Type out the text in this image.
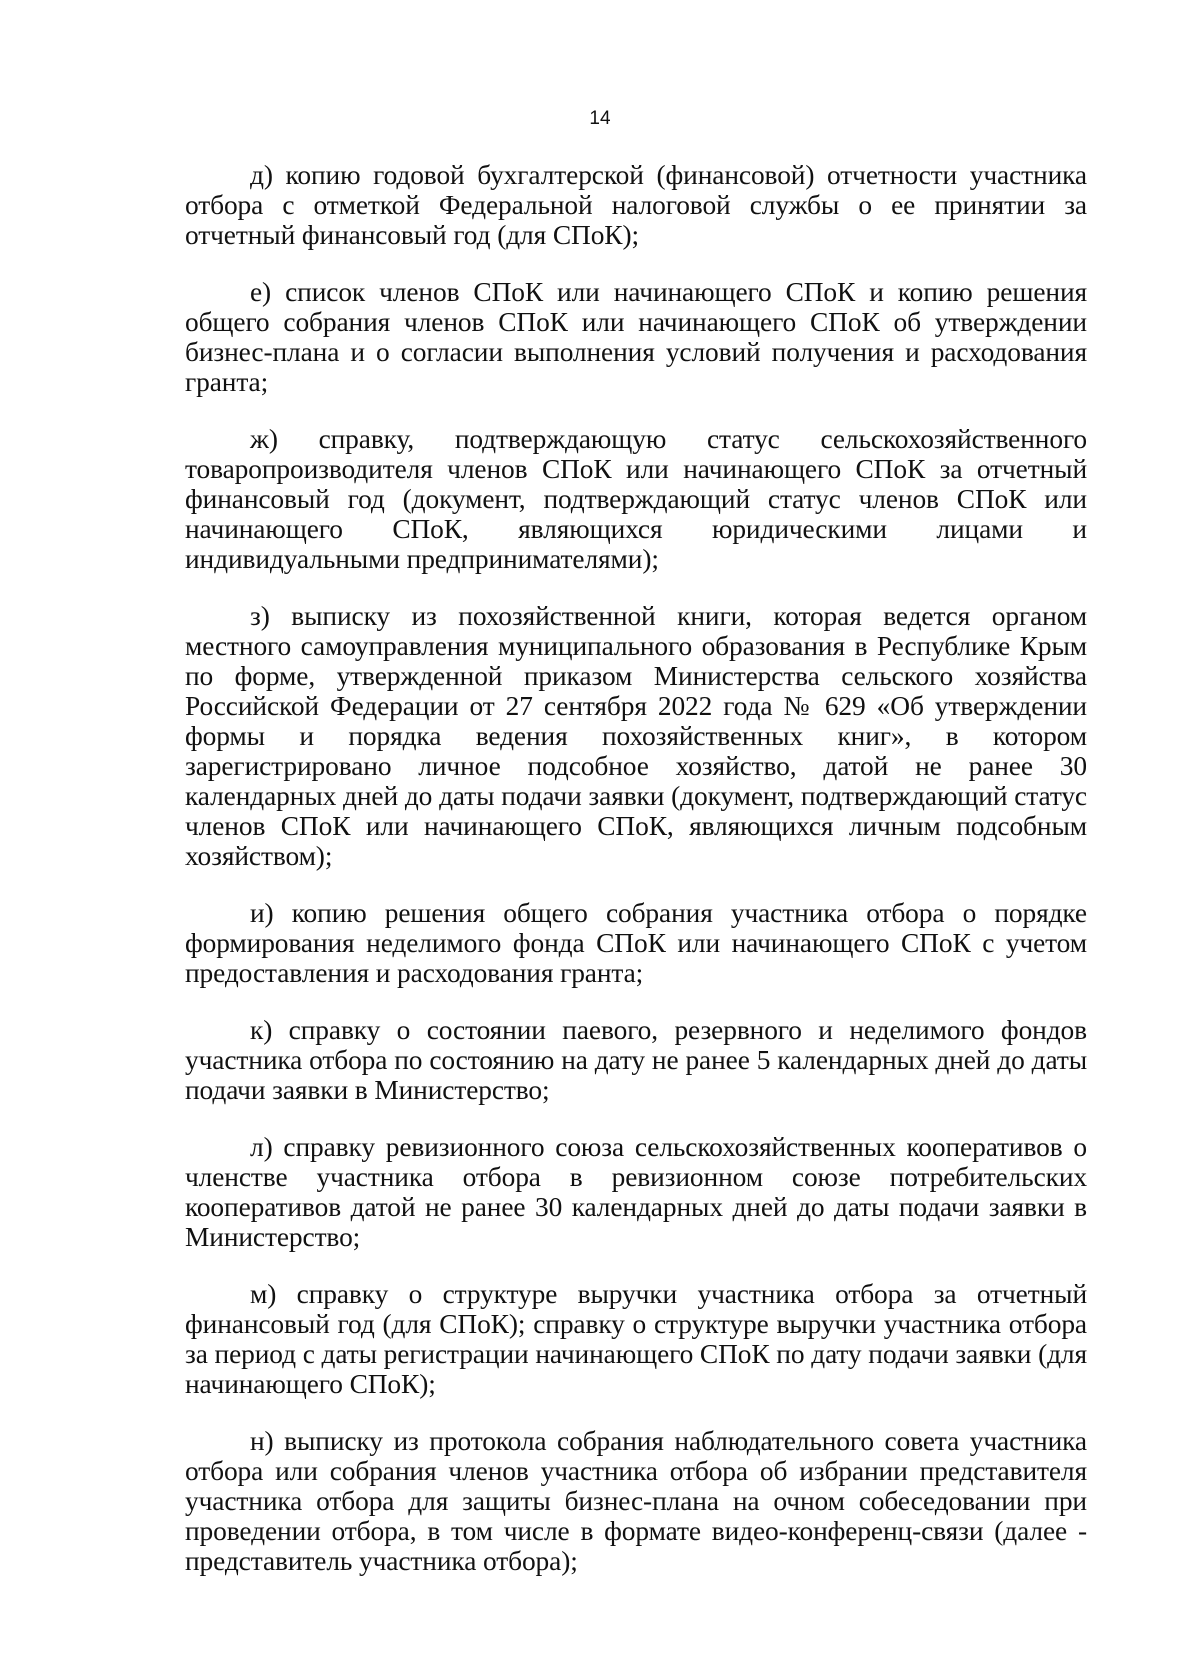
14

д) копию годовой бухгалтерской (финансовой) отчетности участника отбора с отметкой Федеральной налоговой службы о ее принятии за отчетный финансовый год (для СПоК);

е) список членов СПоК или начинающего СПоК и копию решения общего собрания членов СПоК или начинающего СПоК об утверждении бизнес-плана и о согласии выполнения условий получения и расходования гранта;

ж) справку, подтверждающую статус сельскохозяйственного товаропроизводителя членов СПоК или начинающего СПоК за отчетный финансовый год (документ, подтверждающий статус членов СПоК или начинающего СПоК, являющихся юридическими лицами и индивидуальными предпринимателями);

з) выписку из похозяйственной книги, которая ведется органом местного самоуправления муниципального образования в Республике Крым по форме, утвержденной приказом Министерства сельского хозяйства Российской Федерации от 27 сентября 2022 года № 629 «Об утверждении формы и порядка ведения похозяйственных книг», в котором зарегистрировано личное подсобное хозяйство, датой не ранее 30 календарных дней до даты подачи заявки (документ, подтверждающий статус членов СПоК или начинающего СПоК, являющихся личным подсобным хозяйством);

и) копию решения общего собрания участника отбора о порядке формирования неделимого фонда СПоК или начинающего СПоК с учетом предоставления и расходования гранта;

к) справку о состоянии паевого, резервного и неделимого фондов участника отбора по состоянию на дату не ранее 5 календарных дней до даты подачи заявки в Министерство;

л) справку ревизионного союза сельскохозяйственных кооперативов о членстве участника отбора в ревизионном союзе потребительских кооперативов датой не ранее 30 календарных дней до даты подачи заявки в Министерство;

м) справку о структуре выручки участника отбора за отчетный финансовый год (для СПоК); справку о структуре выручки участника отбора за период с даты регистрации начинающего СПоК по дату подачи заявки (для начинающего СПоК);

н) выписку из протокола собрания наблюдательного совета участника отбора или собрания членов участника отбора об избрании представителя участника отбора для защиты бизнес-плана на очном собеседовании при проведении отбора, в том числе в формате видео-конференц-связи (далее - представитель участника отбора);
